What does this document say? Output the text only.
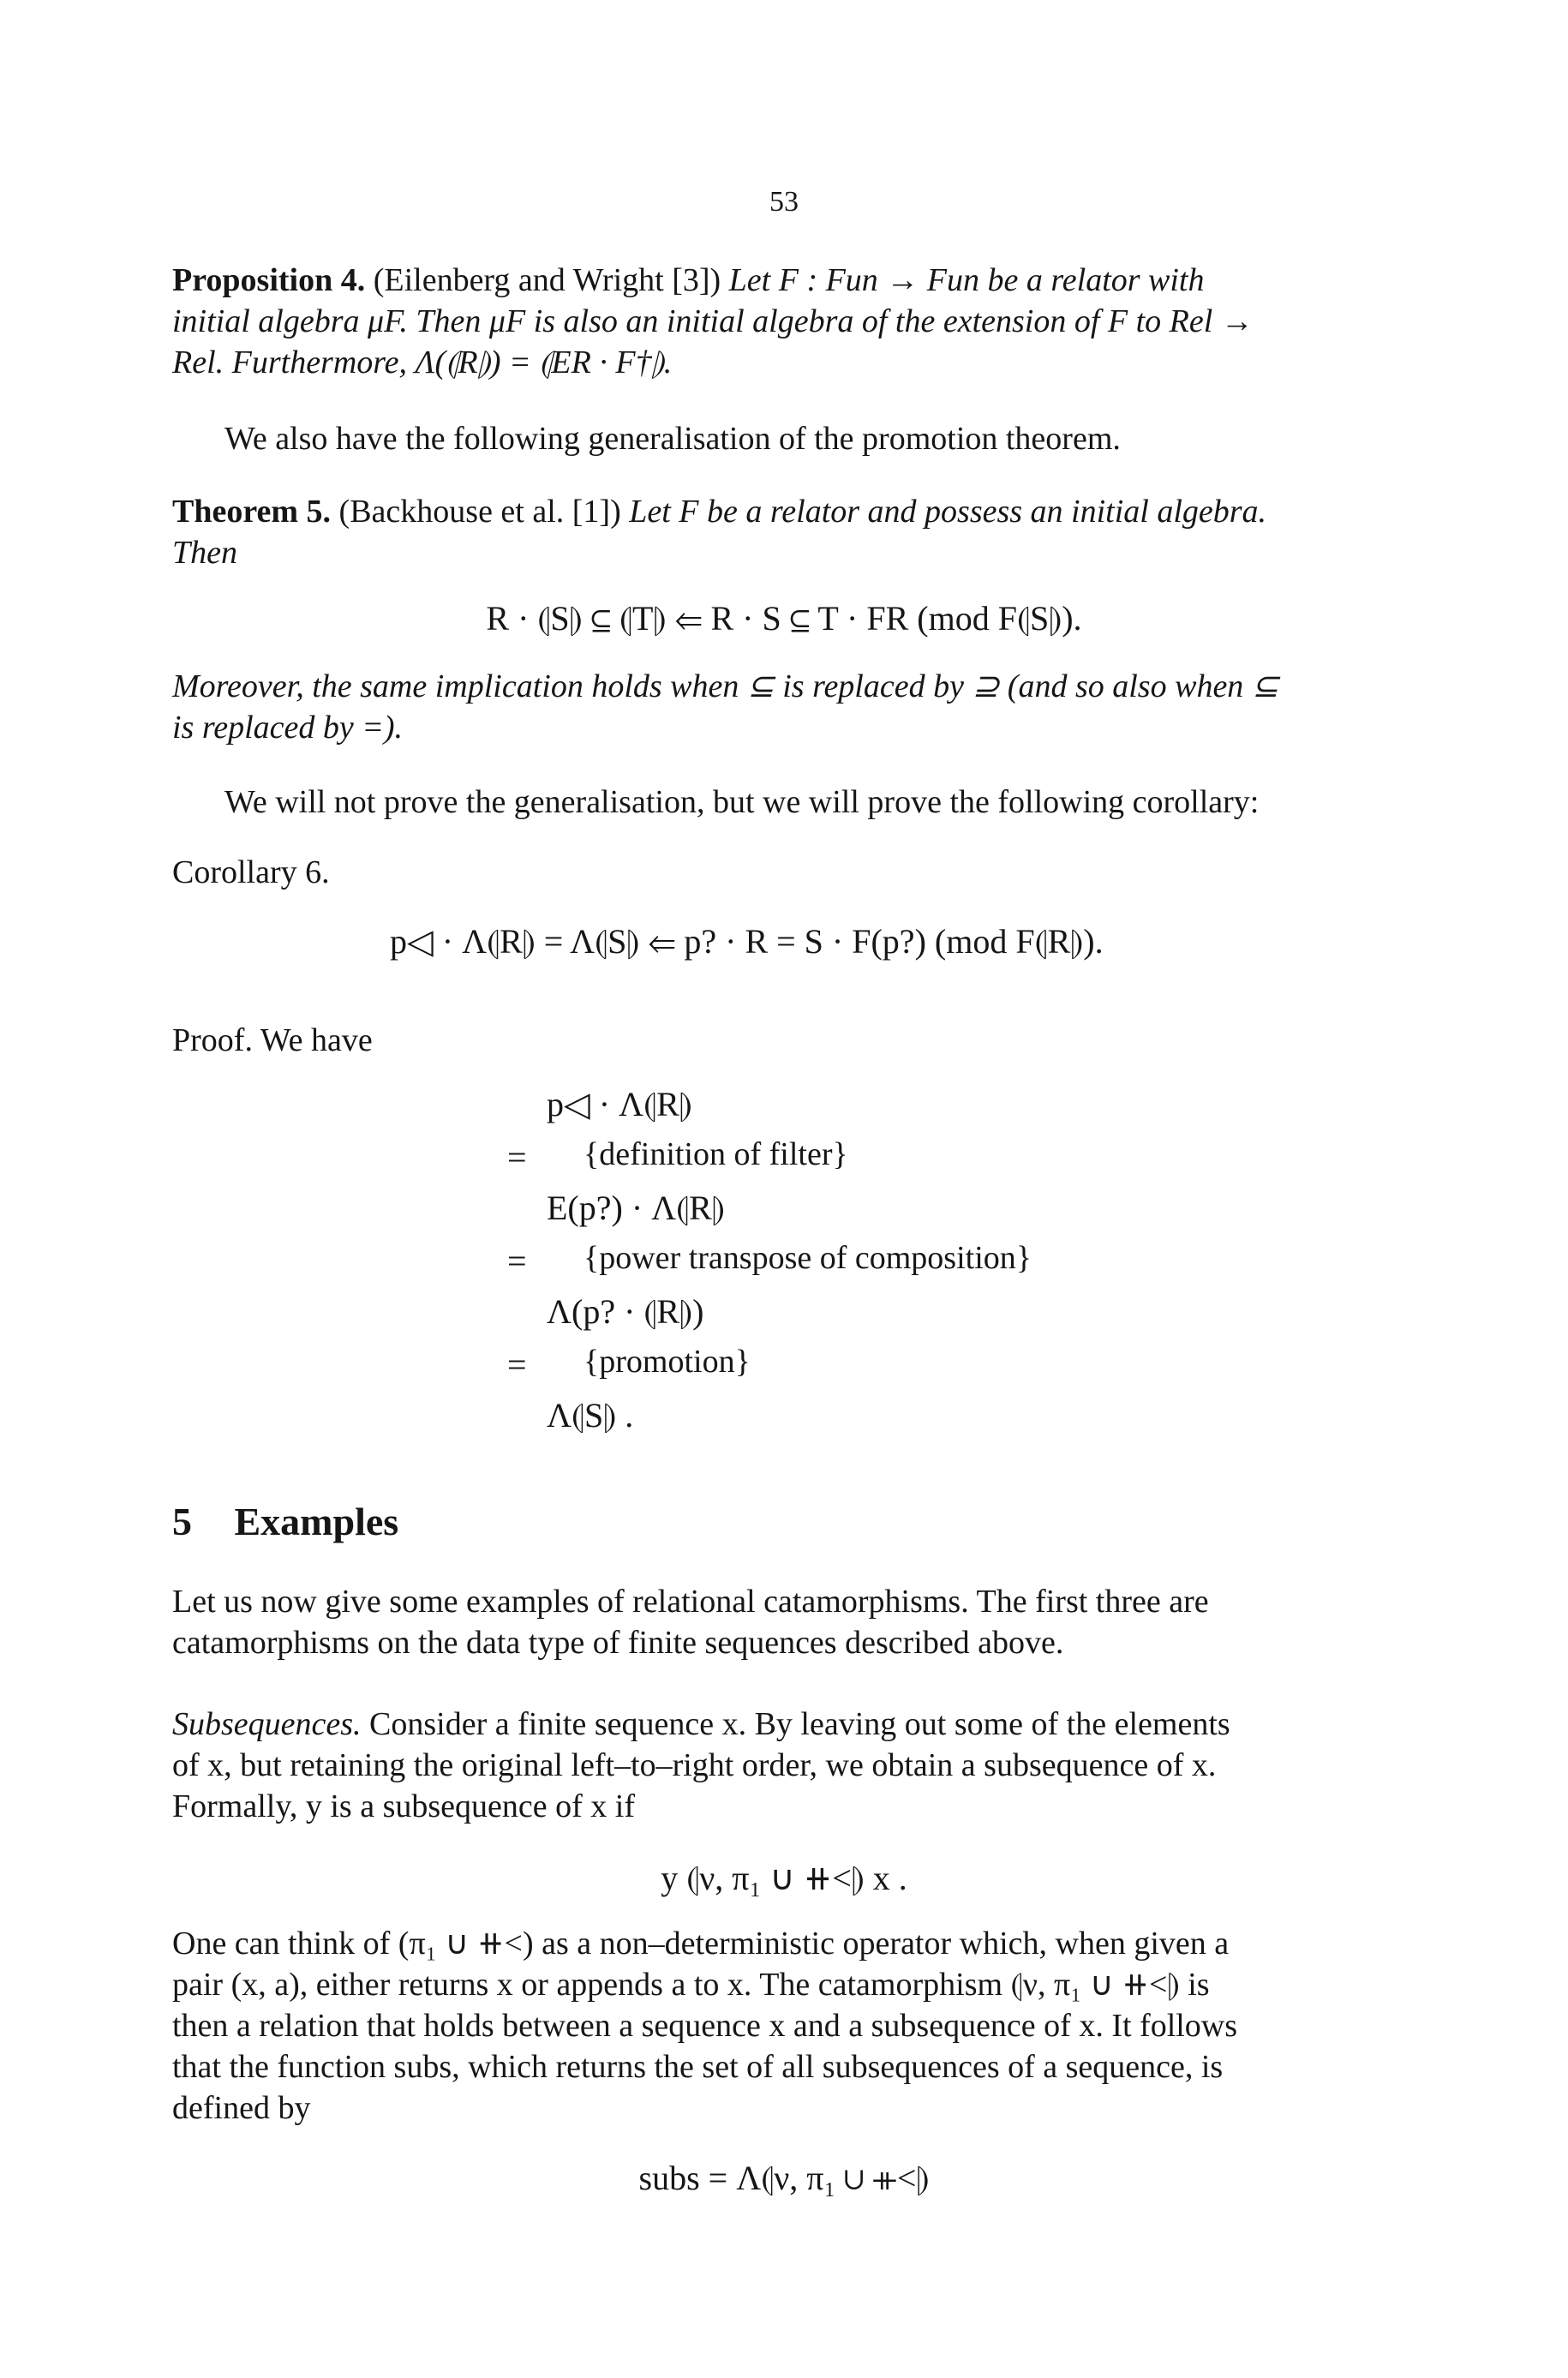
53
Proposition 4. (Eilenberg and Wright [3]) Let F : Fun → Fun be a relator with
initial algebra μF. Then μF is also an initial algebra of the extension of F to Rel →
Rel. Furthermore, Λ(⦇R⦈) = ⦇ER · F†⦈.
We also have the following generalisation of the promotion theorem.
Theorem 5. (Backhouse et al. [1]) Let F be a relator and possess an initial algebra.
Then
R · ⦇S⦈ ⊆ ⦇T⦈ ⇐ R · S ⊆ T · FR (mod F⦇S⦈).
Moreover, the same implication holds when ⊆ is replaced by ⊇ (and so also when ⊆
is replaced by =).
We will not prove the generalisation, but we will prove the following corollary:
Corollary 6.
p◁ · Λ⦇R⦈ = Λ⦇S⦈ ⇐ p? · R = S · F(p?) (mod F⦇R⦈).
Proof. We have
p◁ · Λ⦇R⦈
= {definition of filter}
E(p?) · Λ⦇R⦈
= {power transpose of composition}
Λ(p? · ⦇R⦈)
= {promotion}
Λ⦇S⦈ .
5 Examples
Let us now give some examples of relational catamorphisms. The first three are
catamorphisms on the data type of finite sequences described above.
Subsequences. Consider a finite sequence x. By leaving out some of the elements
of x, but retaining the original left–to–right order, we obtain a subsequence of x.
Formally, y is a subsequence of x if
y ⦇ν, π₁ ∪ ⧺<⦈ x .
One can think of (π₁ ∪ ⧺<) as a non–deterministic operator which, when given a
pair (x, a), either returns x or appends a to x. The catamorphism ⦇ν, π₁ ∪ ⧺<⦈ is
then a relation that holds between a sequence x and a subsequence of x. It follows
that the function subs, which returns the set of all subsequences of a sequence, is
defined by
subs = Λ⦇ν, π₁ ∪ ⧺<⦈
